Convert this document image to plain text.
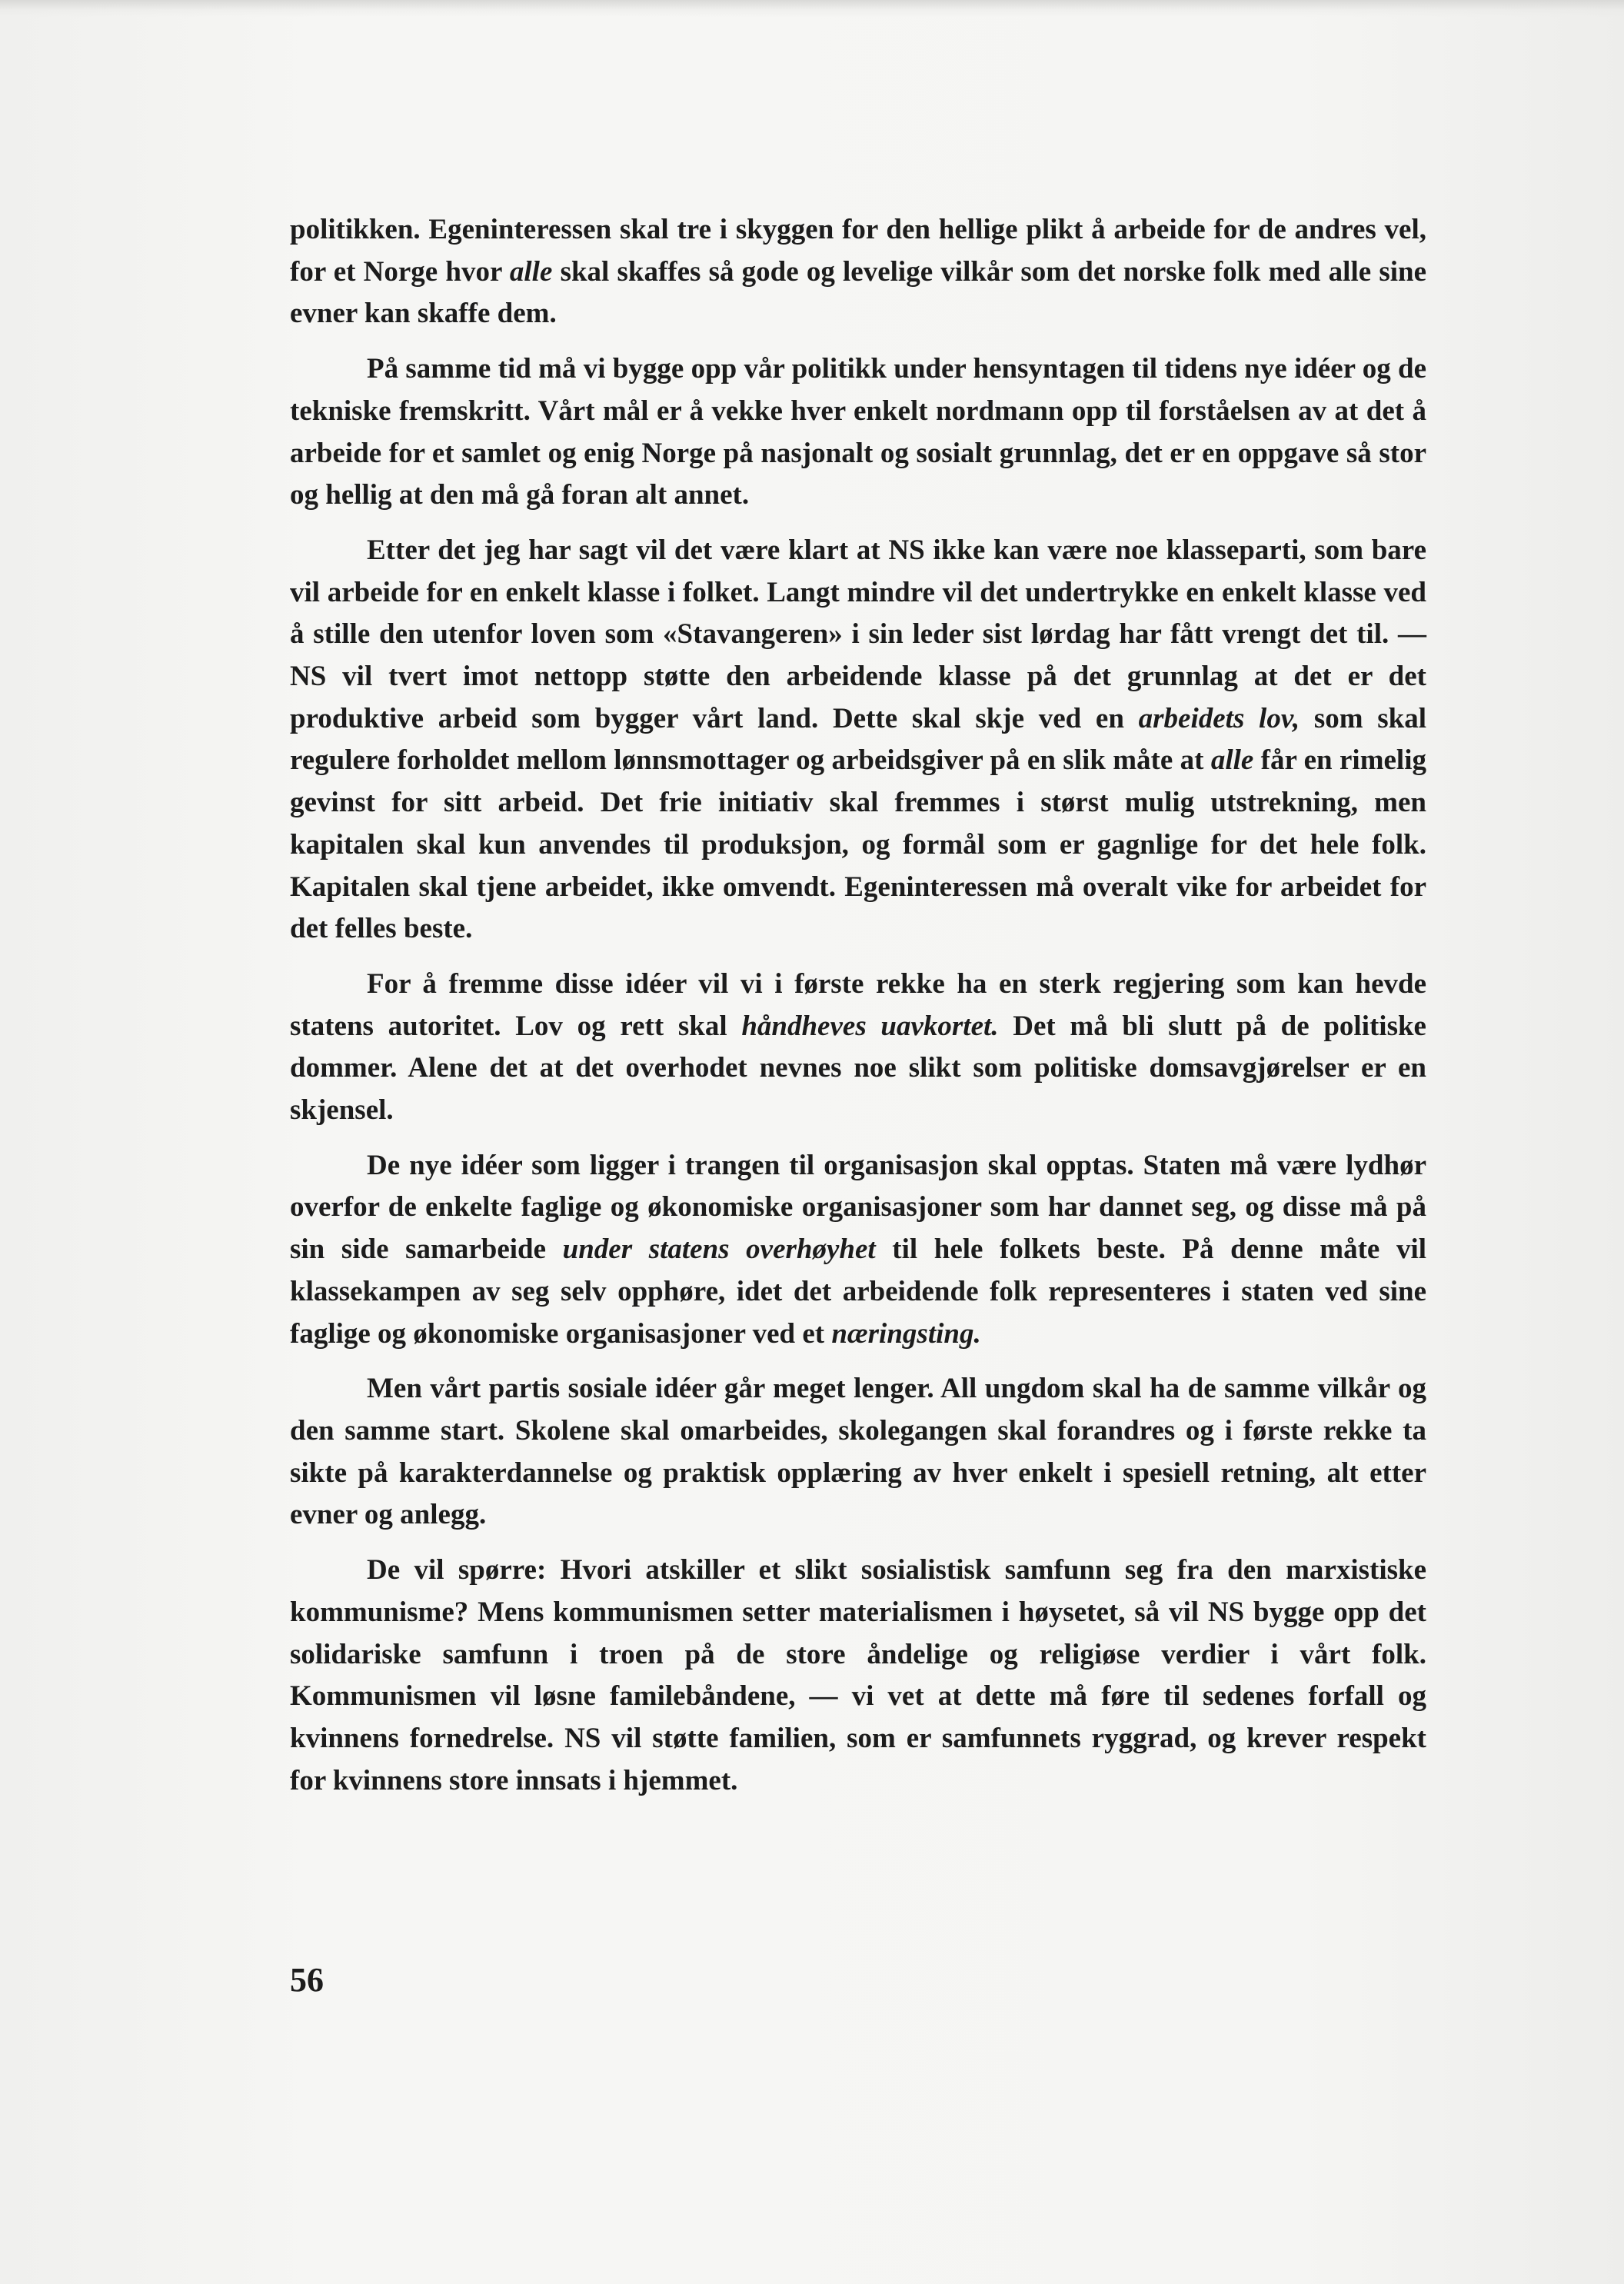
politikken. Egeninteressen skal tre i skyggen for den hellige plikt å arbeide for de andres vel, for et Norge hvor alle skal skaffes så gode og levelige vilkår som det norske folk med alle sine evner kan skaffe dem.

På samme tid må vi bygge opp vår politikk under hensyntagen til tidens nye idéer og de tekniske fremskritt. Vårt mål er å vekke hver enkelt nordmann opp til forståelsen av at det å arbeide for et samlet og enig Norge på nasjonalt og sosialt grunnlag, det er en oppgave så stor og hellig at den må gå foran alt annet.

Etter det jeg har sagt vil det være klart at NS ikke kan være noe klasseparti, som bare vil arbeide for en enkelt klasse i folket. Langt mindre vil det undertrykke en enkelt klasse ved å stille den utenfor loven som «Stavangeren» i sin leder sist lørdag har fått vrengt det til. — NS vil tvert imot nettopp støtte den arbeidende klasse på det grunnlag at det er det produktive arbeid som bygger vårt land. Dette skal skje ved en arbeidets lov, som skal regulere forholdet mellom lønnsmottager og arbeidsgiver på en slik måte at alle får en rimelig gevinst for sitt arbeid. Det frie initiativ skal fremmes i størst mulig utstrekning, men kapitalen skal kun anvendes til produksjon, og formål som er gagnlige for det hele folk. Kapitalen skal tjene arbeidet, ikke omvendt. Egeninteressen må overalt vike for arbeidet for det felles beste.

For å fremme disse idéer vil vi i første rekke ha en sterk regjering som kan hevde statens autoritet. Lov og rett skal håndheves uavkortet. Det må bli slutt på de politiske dommer. Alene det at det overhodet nevnes noe slikt som politiske domsavgjørelser er en skjensel.

De nye idéer som ligger i trangen til organisasjon skal opptas. Staten må være lydhør overfor de enkelte faglige og økonomiske organisasjoner som har dannet seg, og disse må på sin side samarbeide under statens overhøyhet til hele folkets beste. På denne måte vil klassekampen av seg selv opphøre, idet det arbeidende folk representeres i staten ved sine faglige og økonomiske organisasjoner ved et næringsting.

Men vårt partis sosiale idéer går meget lenger. All ungdom skal ha de samme vilkår og den samme start. Skolene skal omarbeides, skolegangen skal forandres og i første rekke ta sikte på karakterdannelse og praktisk opplæring av hver enkelt i spesiell retning, alt etter evner og anlegg.

De vil spørre: Hvori atskiller et slikt sosialistisk samfunn seg fra den marxistiske kommunisme? Mens kommunismen setter materialismen i høysetet, så vil NS bygge opp det solidariske samfunn i troen på de store åndelige og religiøse verdier i vårt folk. Kommunismen vil løsne familebåndene, — vi vet at dette må føre til sedenes forfall og kvinnens fornedrelse. NS vil støtte familien, som er samfunnets ryggrad, og krever respekt for kvinnens store innsats i hjemmet.

56
